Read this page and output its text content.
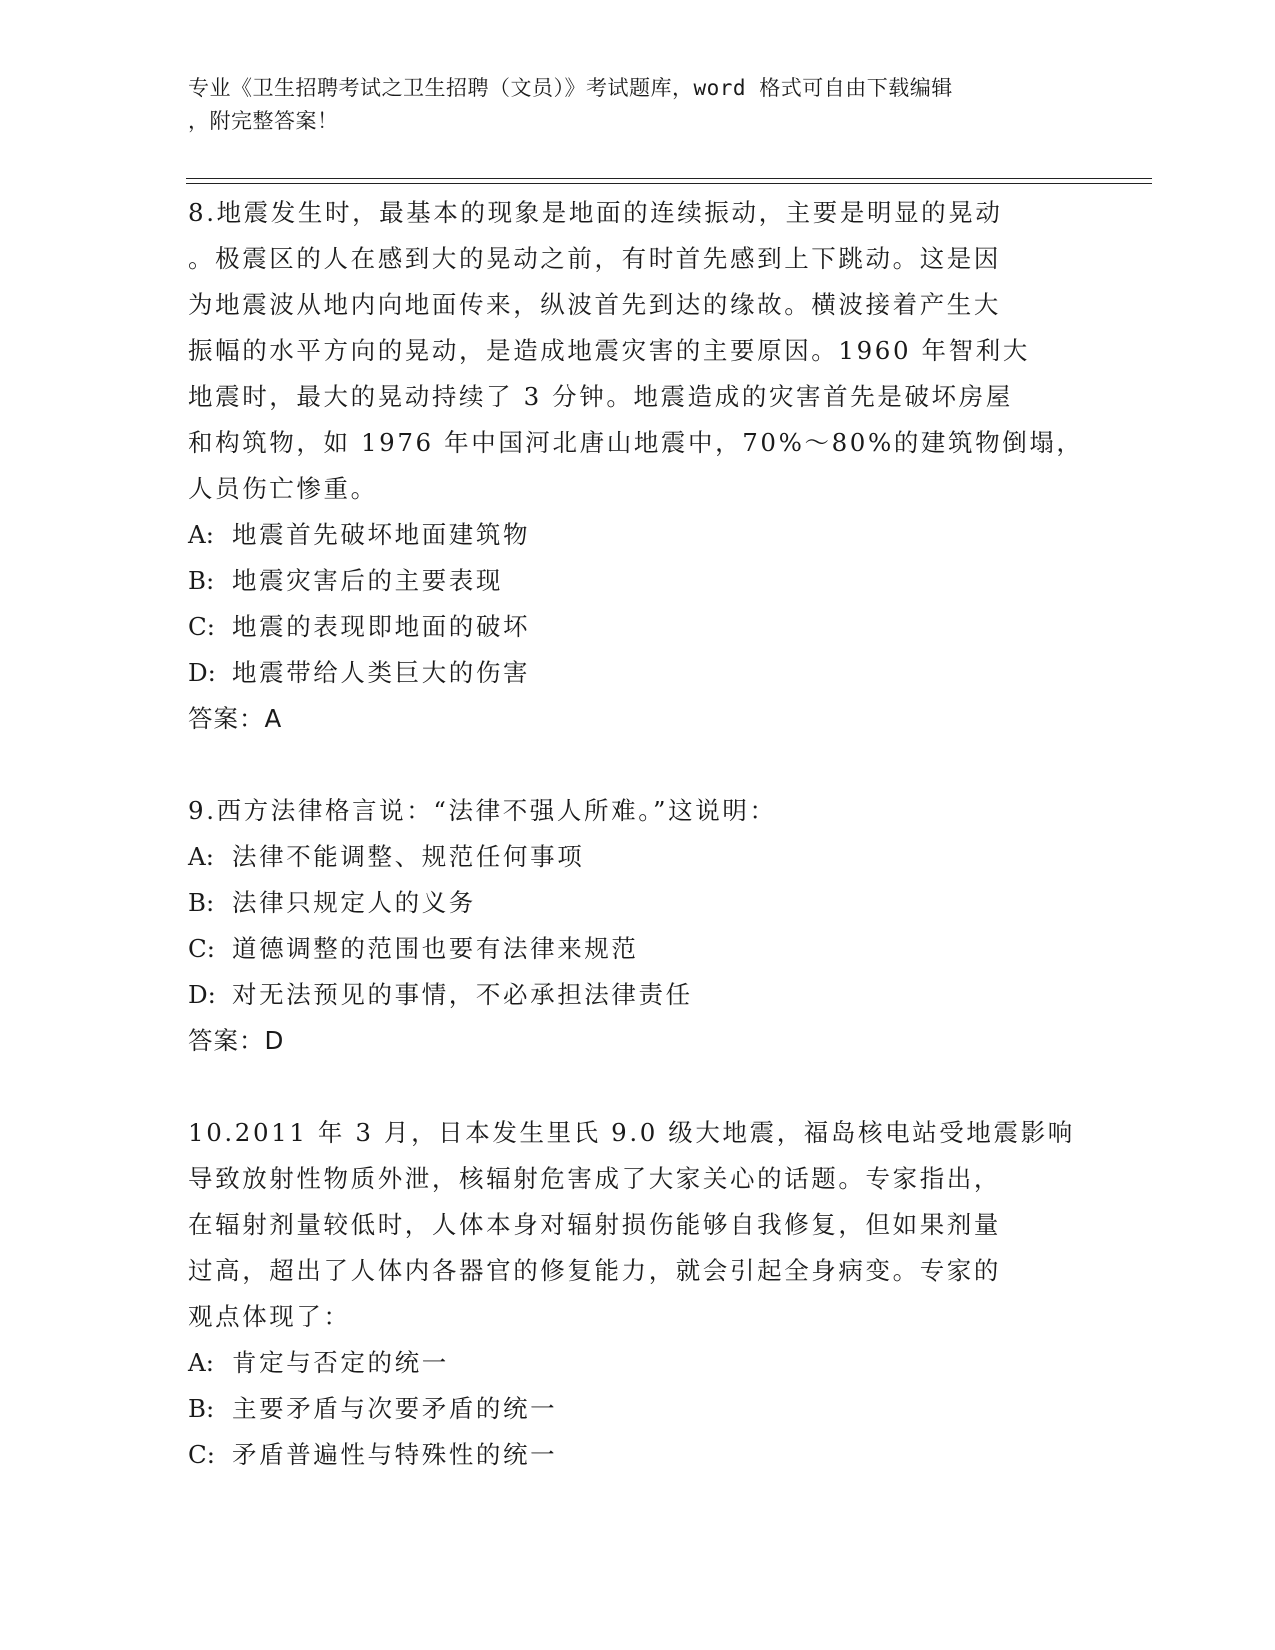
专业《卫生招聘考试之卫生招聘（文员）》考试题库，word 格式可自由下载编辑
，附完整答案！

8.地震发生时，最基本的现象是地面的连续振动，主要是明显的晃动
。极震区的人在感到大的晃动之前，有时首先感到上下跳动。这是因
为地震波从地内向地面传来，纵波首先到达的缘故。横波接着产生大
振幅的水平方向的晃动，是造成地震灾害的主要原因。1960 年智利大
地震时，最大的晃动持续了 3 分钟。地震造成的灾害首先是破坏房屋
和构筑物，如 1976 年中国河北唐山地震中，70%～80%的建筑物倒塌，
人员伤亡惨重。

A: 地震首先破坏地面建筑物
B: 地震灾害后的主要表现
C: 地震的表现即地面的破坏
D: 地震带给人类巨大的伤害
答案：A

9.西方法律格言说：“法律不强人所难。”这说明：

A: 法律不能调整、规范任何事项
B: 法律只规定人的义务
C: 道德调整的范围也要有法律来规范
D: 对无法预见的事情，不必承担法律责任
答案：D

10.2011 年 3 月，日本发生里氏 9.0 级大地震，福岛核电站受地震影响
导致放射性物质外泄，核辐射危害成了大家关心的话题。专家指出，
在辐射剂量较低时，人体本身对辐射损伤能够自我修复，但如果剂量
过高，超出了人体内各器官的修复能力，就会引起全身病变。专家的
观点体现了：

A: 肯定与否定的统一
B: 主要矛盾与次要矛盾的统一
C: 矛盾普遍性与特殊性的统一
